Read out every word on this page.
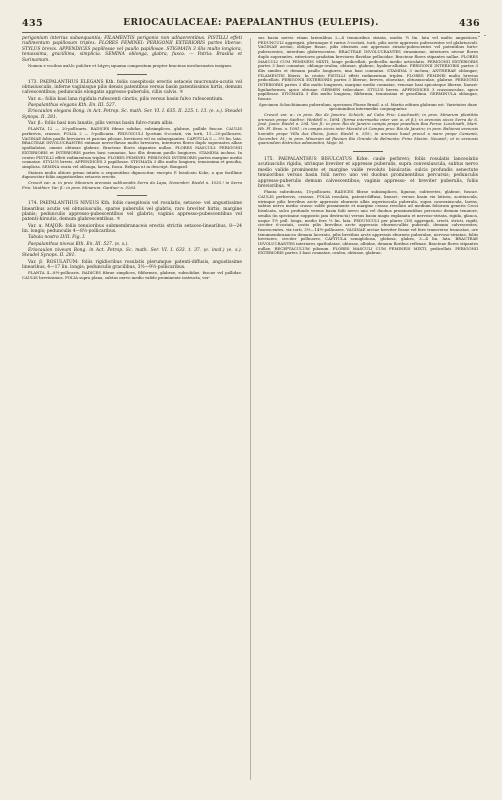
435	ERIOCAULACEAE: PAEPALANTHUS (EULEPIS).	436

perigonium interius subaequantia; FILAMENTIS perigonio non adhaerentibus. PISTILLI effeti rudimentum papillosum triplex. FLORES FEMINEI: PERIGONII EXTERIORIS partes liberae. STYLUS brevis. APPENDICES papillosae vel paullo papillosae. STIGMATA 3 illis multo longiora, tenuissima, gracillima, simplicia. SEMINA oblonga, glabra, fusca. — Patria: Brasilia et Surinamum.

Nomen e vocibus καλλι pulchre et λάχνη squama compositum propter bracteas involucrantes insignes.

173. PAEPALANTHUS ELEGANS Kth. foliis caespitosis erectis setaceis mucronato-acutis vel obtusiusculis, inferne vaginisque pilis densis patentibus versus basin patentissimis hirtis, demum calvescentibus; pedunculis elongatis appresso-puberulis, ciliis calvis. ♃

Var. α.: foliis basi lana rigidula rufescenti cinctis, pilis versus basin fulvo rufescentium.

Paepalanthus elegans Kth. En. III. 527.

Eriocaulon elegans Bong. in Act. Petrop. Sc. math. Ser. VI. I. 635. II. 225. t. 13. (e. s.). Steudel Synops. II. 281.

Var. β.: foliis basi non lanatis, pilis versus basin fulvo-ruum albis.

PLANTA 12 — 20-pollicaris. RADICES fibrae solidae, subsimplices, glabrae, pallide fuscae. CAULIS perbrevis, crassus. FOLIA 2 — 5-pollicaria. PEDUNCULI lycetum 6-costati, vix torti, 11—20-pollicares. VAGINAE foliis paullo breviores et parcius pilosae, breviores vel ea subaequantes. CAPITULA 5 — 3½ lin. lata. BRACTEAE INVOLUCRANTES extimae nervo-flavae multo breviores, interiores flores duplo superantes albae spathulatae, omnes obtusae glabrae. Bracteae flores stipantes nullae. FLORES MASCULI: PERIGONII EXTERIORIS et INTERIORIS partes basi connatae, hac illis demum paullo longiores. STAMINA inclusa. In centro PISTILLI effeti rudimentum triplex. FLORES FEMINEI: PERIGONII INTERIORIS partes margine medio connatae. STYLUS brevis. APPENDICES 3 papillosae. STIGMATA 3 illis multo longiora, tenuissima et gracilia, simplicia. SEMINA ovata vel oblonga, laevia, fusca. Reliqua ut in descript. Bongard.

Statura multo altiore primo intuitu a sequentibus dignoscitur, excepto P. bisulcato Kcke, a quo facillime dignoscitur foliis angustioribus setaceis erectis.

Crescit var. α. in prov. Minarum arenosis subhumidis Serra da Lapa, Novembri: Riedel n. 1035.! in Serra Frio: Vauthier. Var. β.: in prov. Minarum: Gardner n. 5263.

174. PAEPALANTHUS NIVEUS Kth. foliis caespitosis vel rosulatis, setaceo- vel angustissime linearibus acutis vel obtusiusculis, sparse puberulis vel glabris, raro breviter hirtis, margine planis; pedunculis appresso-pubescentibus vel glabris; vaginis appresso-pubescentibus vel patenti-hirsutis, demum glabrescentibus. ♃

Var. α. MAJOR: foliis tenuioribus submembranaceis erectis strictis setaceo-linearibus, 8—24 lin. longis; pedunculis 4—8½-pollicaribus.

Tabula nostra LVII. Fig. I.

Paepalanthus niveus Kth. En. III. 527. (e. s.).

Eriocaulon niveum Bong. in Act. Petrop. Sc. math. Ser. VI. I. 633. t. 37. (e. incd.) (e. s.). Steudel Synops. II. 281.

Var. β. ROSULATUM: foliis rigidioribus rosulatis plerumque patenti-diffusis, angustissime linearibus, 4—17 lin. longis; pedunculis gracilibus, 3½—9½-pollicaribus.

PLANTA 4—8½-pollicaris. RADICES fibrae simplices, filiformes, glabrae, subsolidae, fuscae vel pallidae. CAULIS brevissimus. FOLIA supra plana, subtus nervo medio valido prominente instructa, ver-

sus basin nervis etiam lateralibus 2—4 tenuioribus striata, medio ½ lin. lata vel multo angustiora. PEDUNCULI aggregati, plerumque 6 rarius 5-costati, torti, pilis arcte appressis pubescentes vel glabriusculi. VAGINAE arctae, oblique fissae, pilis eburneis aut appressis striato-pubescentes vel patentibus hirto-pubescentes, interdum glabrescentes. BRACTEAE INVOLUCRANTES stramineae, interiores niveae flores duplo superantes, exteriores gradatim breviores flavidae pellucidae. Bracteae flores stipantes nullae. FLORES MASCULI CUM FEMINEIS MIXTI, longe pedicellati, pedicellis medio articulatis. PERIGONII EXTERIORIS partes 3 basi connatae, oblongo-ovalea, obtusae, glabrae, hyalino-albidae. PERIGONII INTERIORIS partes 3 illis similes et demum paullo longiores, ima basi connatae. STAMINA 3 inclusa; ANTHERAE oblongae; FILAMENTIS liberis. In centro PISTILLI effeti rudimentum triplex. FLORES FEMINEI multo brevius pedicellati. PERIGONII EXTERIORIS partes 3 liberae, breves, obovatae, obtusiusculae, glabrae. PERIGONII INTERIORIS partes 3 illis multo longiores, margine medio connatae, venosae basi spicateque liberae, lineari-ligulaeformes, apice obtusae. GERMEN triloculare. STYLUS brevis. APPENDICES 3 crassiusculae, apice papillosae. STIGMATA 3 illis multo longiora, filiformia, tenuissima et gracillima. GERMINULA oblongae, fuscae.

Specimen Schuchtianum puberulum, specimen Florae Brasil. a cl. Martio editum glabrum est. Varietates duae speciminibus intermediis conjunguntur.

Crescit var. α.: in prov. Rio de Janeiro: Schüch; ad Cabo Frio: Luschnath; in prov. Minarum plantitiis arenosis prope Saidtre: Weddell n. 1894. (forma intermedia inter var. α. et β.); in arenosis siccis Serra de S. José, Junio: Riedel n. 294. Var. β.: in prov. Rio de Janeiro campis prope praedium Boa Perna: Luschnath, Mart. Hb. Fl. Bras. n. 1081.; in campis siccis inter Macahé et Campos prov. Rio de Janeiro; in prov. Bahiensi arenosis humidis prope Villa dos Ilhéos, Junio: Riedel n. 559.; in arenosis haud procul a mare prope Camamú, Decembri: M.; in prov. Minarum ad fluvium Rio Grande de Belmonte: Prinz Maxim. Neuwid.; et in arenosis quarundam districtus adamantini, Majo: M.

175. PAEPALANTHUS BISULCATUS Kcke. caule perbrevi; foliis rosulatis lanceolatis acutiusculis rigidis, utrinque breviter et appresse puberulis, supra convexiuscula, subtus nervo medio valide prominente et margine valde revoluto bisulcatis: sulcis profundis senectute tenuioribus versus basin folii nervo uno vel duobus prominentibus percursis; pedunculis appresso-puberulis demum calvescentibus; vaginis appresso- et breviter puberulis, foliis brevioribus. ♃

Planta subrobusta, 15-pollicaris. RADICES fibrae subsimplices, ligneae, subteretes, glabrae, fuscae. CAULIS perbrevis, crassus. FOLIA rosulata, patenti-diffusa, lineari-, versus basin vix latiora, acutiuscula, utrinque pilis brevibus arcte appressis eburneis albis asperiuscula puberula, supra convexiuscula, laevia, subtus nervo medio crasso valde prominente et margine crasso revoluto ad medium foliorum generis Croci bisulcata, sulco profundo versus basin folii nervo uno vel duobus prominentibus percurso demum tenuiore, senilia (in specimine supposito jam destructa) versus basin magis explanata et nervoso-striata, rigida, glauca, usque 1½ poll. longa, medio fere ½ lin. lata. PEDUNCULI per plures (38) aggregati, crecti, stricti, rigidi, circiter 6-costati, costis pilis brevibus arcte appressis eburneo-albis puberuli, demum calvescentes, fuscescentes, vix torti, 3½—14½-pollicares. VAGINAE arctae breviter fissae vel fere transverso truncatae, ore tenuimembranaceo demum lacerato, pilis brevibus arcte appressis eburneis puberulae, nervoso-striatae, foliis breviores, circiter pollicares. CAPITULA semiglobosa, globosa, glabra, 3—4 lin. lata. BRACTEAE INVOLUCRANTES interiores spathulatae, obtusae, albidae, demum floribus reflexae. Bracteae flores stipantes nullae. RECEPTACULUM pilosum. FLORES MASCULI CUM FEMINEIS MIXTI, pedicellati. PERIGONII EXTERIORIS partes 3 basi connatae, ovalea, obtusae, glabrae,
